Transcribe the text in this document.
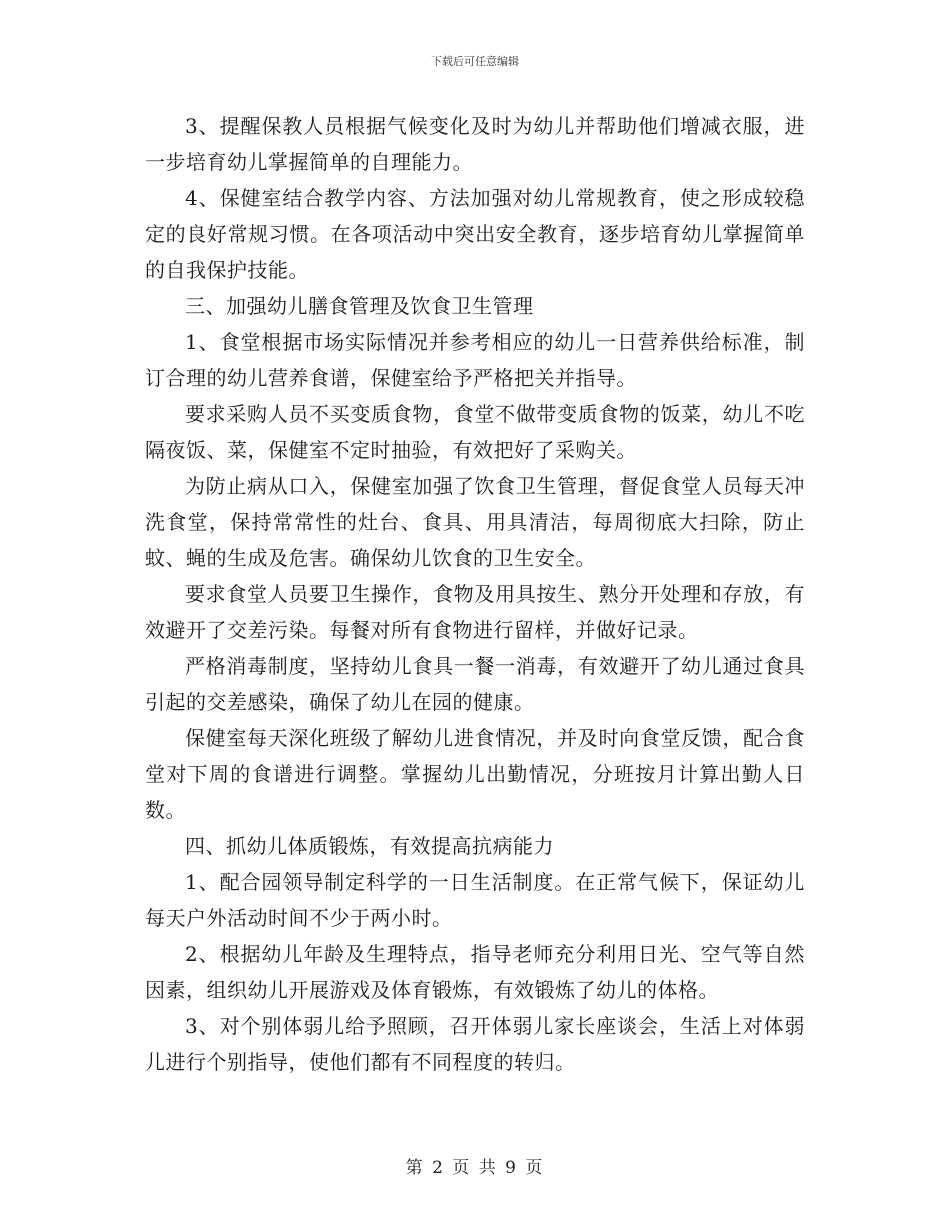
下载后可任意编辑

3、提醒保教人员根据气候变化及时为幼儿并帮助他们增减衣服，进一步培育幼儿掌握简单的自理能力。

4、保健室结合教学内容、方法加强对幼儿常规教育，使之形成较稳定的良好常规习惯。在各项活动中突出安全教育，逐步培育幼儿掌握简单的自我保护技能。

三、加强幼儿膳食管理及饮食卫生管理

1、食堂根据市场实际情况并参考相应的幼儿一日营养供给标准，制订合理的幼儿营养食谱，保健室给予严格把关并指导。

要求采购人员不买变质食物，食堂不做带变质食物的饭菜，幼儿不吃隔夜饭、菜，保健室不定时抽验，有效把好了采购关。

为防止病从口入，保健室加强了饮食卫生管理，督促食堂人员每天冲洗食堂，保持常常性的灶台、食具、用具清洁，每周彻底大扫除，防止蚊、蝇的生成及危害。确保幼儿饮食的卫生安全。

要求食堂人员要卫生操作，食物及用具按生、熟分开处理和存放，有效避开了交差污染。每餐对所有食物进行留样，并做好记录。

严格消毒制度，坚持幼儿食具一餐一消毒，有效避开了幼儿通过食具引起的交差感染，确保了幼儿在园的健康。

保健室每天深化班级了解幼儿进食情况，并及时向食堂反馈，配合食堂对下周的食谱进行调整。掌握幼儿出勤情况，分班按月计算出勤人日数。

四、抓幼儿体质锻炼，有效提高抗病能力

1、配合园领导制定科学的一日生活制度。在正常气候下，保证幼儿每天户外活动时间不少于两小时。

2、根据幼儿年龄及生理特点，指导老师充分利用日光、空气等自然因素，组织幼儿开展游戏及体育锻炼，有效锻炼了幼儿的体格。

3、对个别体弱儿给予照顾，召开体弱儿家长座谈会，生活上对体弱儿进行个别指导，使他们都有不同程度的转归。

第 2 页 共 9 页
